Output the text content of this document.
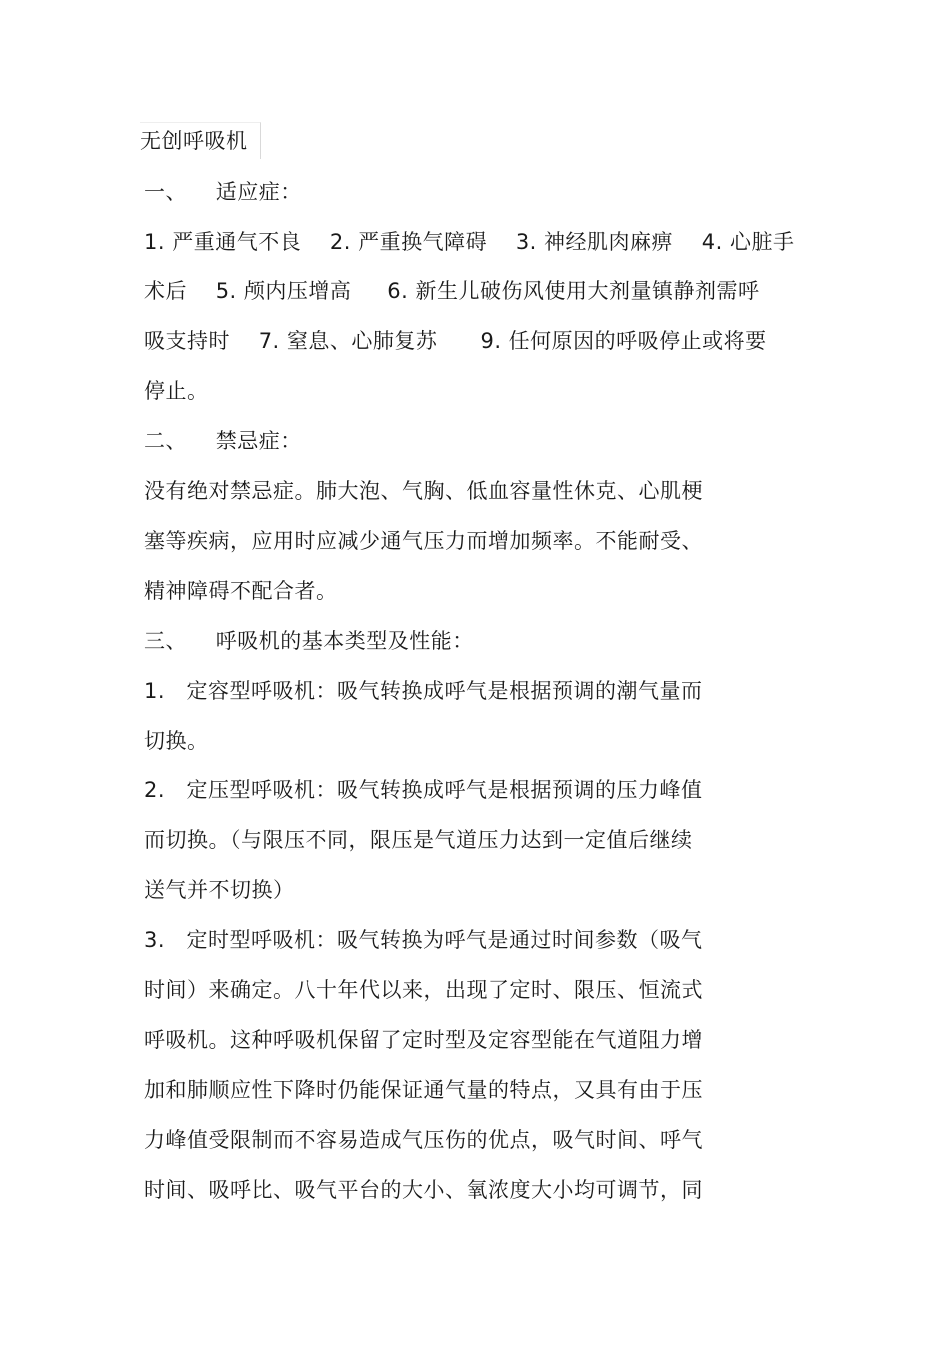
无创呼吸机
一、    适应症：
1. 严重通气不良    2. 严重换气障碍    3. 神经肌肉麻痹    4. 心脏手
术后    5. 颅内压增高     6. 新生儿破伤风使用大剂量镇静剂需呼
吸支持时    7. 窒息、心肺复苏      9. 任何原因的呼吸停止或将要
停止。
二、    禁忌症：
没有绝对禁忌症。肺大泡、气胸、低血容量性休克、心肌梗
塞等疾病，应用时应减少通气压力而增加频率。不能耐受、
精神障碍不配合者。
三、    呼吸机的基本类型及性能：
1.   定容型呼吸机：吸气转换成呼气是根据预调的潮气量而
切换。
2.   定压型呼吸机：吸气转换成呼气是根据预调的压力峰值
而切换。（与限压不同，限压是气道压力达到一定值后继续
送气并不切换）
3.   定时型呼吸机：吸气转换为呼气是通过时间参数（吸气
时间）来确定。八十年代以来，出现了定时、限压、恒流式
呼吸机。这种呼吸机保留了定时型及定容型能在气道阻力增
加和肺顺应性下降时仍能保证通气量的特点，又具有由于压
力峰值受限制而不容易造成气压伤的优点，吸气时间、呼气
时间、吸呼比、吸气平台的大小、氧浓度大小均可调节，同
